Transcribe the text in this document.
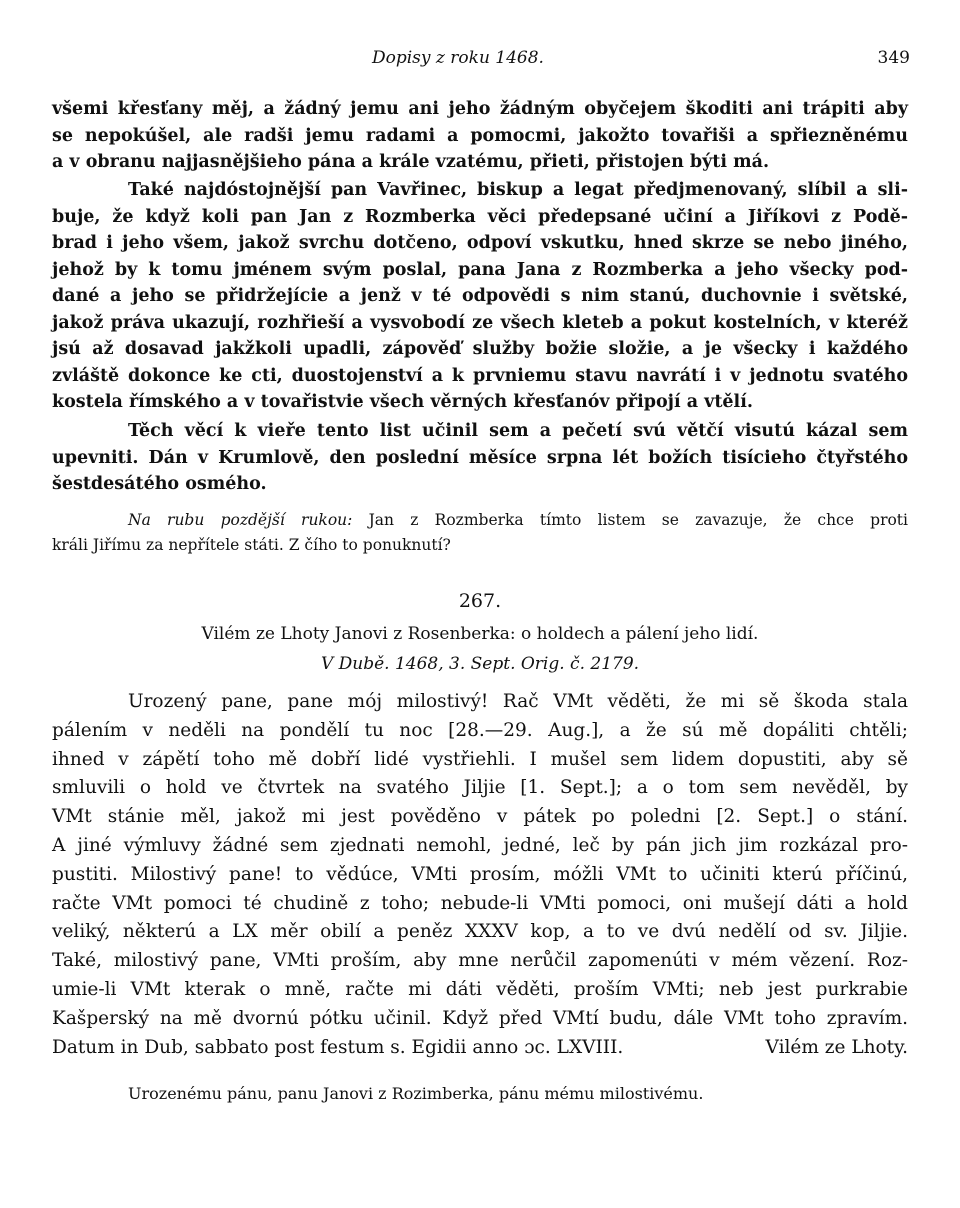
Dopisy z roku 1468.	349
všemi křesťany měj, a žádný jemu ani jeho žádným obyčejem škoditi ani trápiti aby
se nepokúšel, ale radši jemu radami a pomocmi, jakožto tovařiši a spřiezněnému
a v obranu najjasnějšieho pána a krále vzatému, přieti, přistojen býti má.
Také najdóstojnější pan Vavřinec, biskup a legat předjmenovaný, slíbil a sli-
buje, že když koli pan Jan z Rozmberka věci předepsané učiní a Jiříkovi z Podě-
brad i jeho všem, jakož svrchu dotčeno, odpoví vskutku, hned skrze se nebo jiného,
jehož by k tomu jménem svým poslal, pana Jana z Rozmberka a jeho všecky pod-
dané a jeho se přidržejície a jenž v té odpovědi s nim stanú, duchovnie i světské,
jakož práva ukazují, rozhřieší a vysvobodí ze všech kleteb a pokut kostelních, v kteréž
jsú až dosavad jakžkoli upadli, zápověď služby božie složie, a je všecky i každého
zvláště dokonce ke cti, duostojenství a k prvniemu stavu navrátí i v jednotu svatého
kostela římského a v tovařistvie všech věrných křesťanóv připojí a vtělí.
Těch věcí k vieře tento list učinil sem a pečetí svú větčí visutú kázal sem
upevniti. Dán v Krumlově, den poslední měsíce srpna lét božích tisícieho čtyřstého
šestdesátého osmého.
Na rubu pozdější rukou: Jan z Rozmberka tímto listem se zavazuje, že chce proti
králi Jiřímu za nepřítele státi. Z čího to ponuknutí?
267.
Vilém ze Lhoty Janovi z Rosenberka: o holdech a pálení jeho lidí.
V Dubě. 1468, 3. Sept. Orig. č. 2179.
Urozený pane, pane mój milostivý! Rač VMt věděti, že mi sě škoda stala
pálením v neděli na pondělí tu noc [28.—29. Aug.], a že sú mě dopáliti chtěli;
ihned v zápětí toho mě dobří lidé vystřiehli. I mušel sem lidem dopustiti, aby sě
smluvili o hold ve čtvrtek na svatého Jiljie [1. Sept.]; a o tom sem nevěděl, by
VMt stánie měl, jakož mi jest pověděno v pátek po poledni [2. Sept.] o stání.
A jiné výmluvy žádné sem zjednati nemohl, jedné, leč by pán jich jim rozkázal pro-
pustiti. Milostivý pane! to vědúce, VMti prosím, móžli VMt to učiniti kterú příčinú,
račte VMt pomoci té chudině z toho; nebude-li VMti pomoci, oni mušejí dáti a hold
veliký, některú a LX měr obilí a peněz XXXV kop, a to ve dvú nedělí od sv. Jiljie.
Také, milostivý pane, VMti proším, aby mne nerůčil zapomenúti v mém vězení. Roz-
umie-li VMt kterak o mně, račte mi dáti věděti, proším VMti; neb jest purkrabie
Kašperský na mě dvornú pótku učinil. Když před VMtí budu, dále VMt toho zpravím.
Datum in Dub, sabbato post festum s. Egidii anno ɔc. LXVIII.	Vilém ze Lhoty.
Urozenému pánu, panu Janovi z Rozimberka, pánu mému milostivému.
